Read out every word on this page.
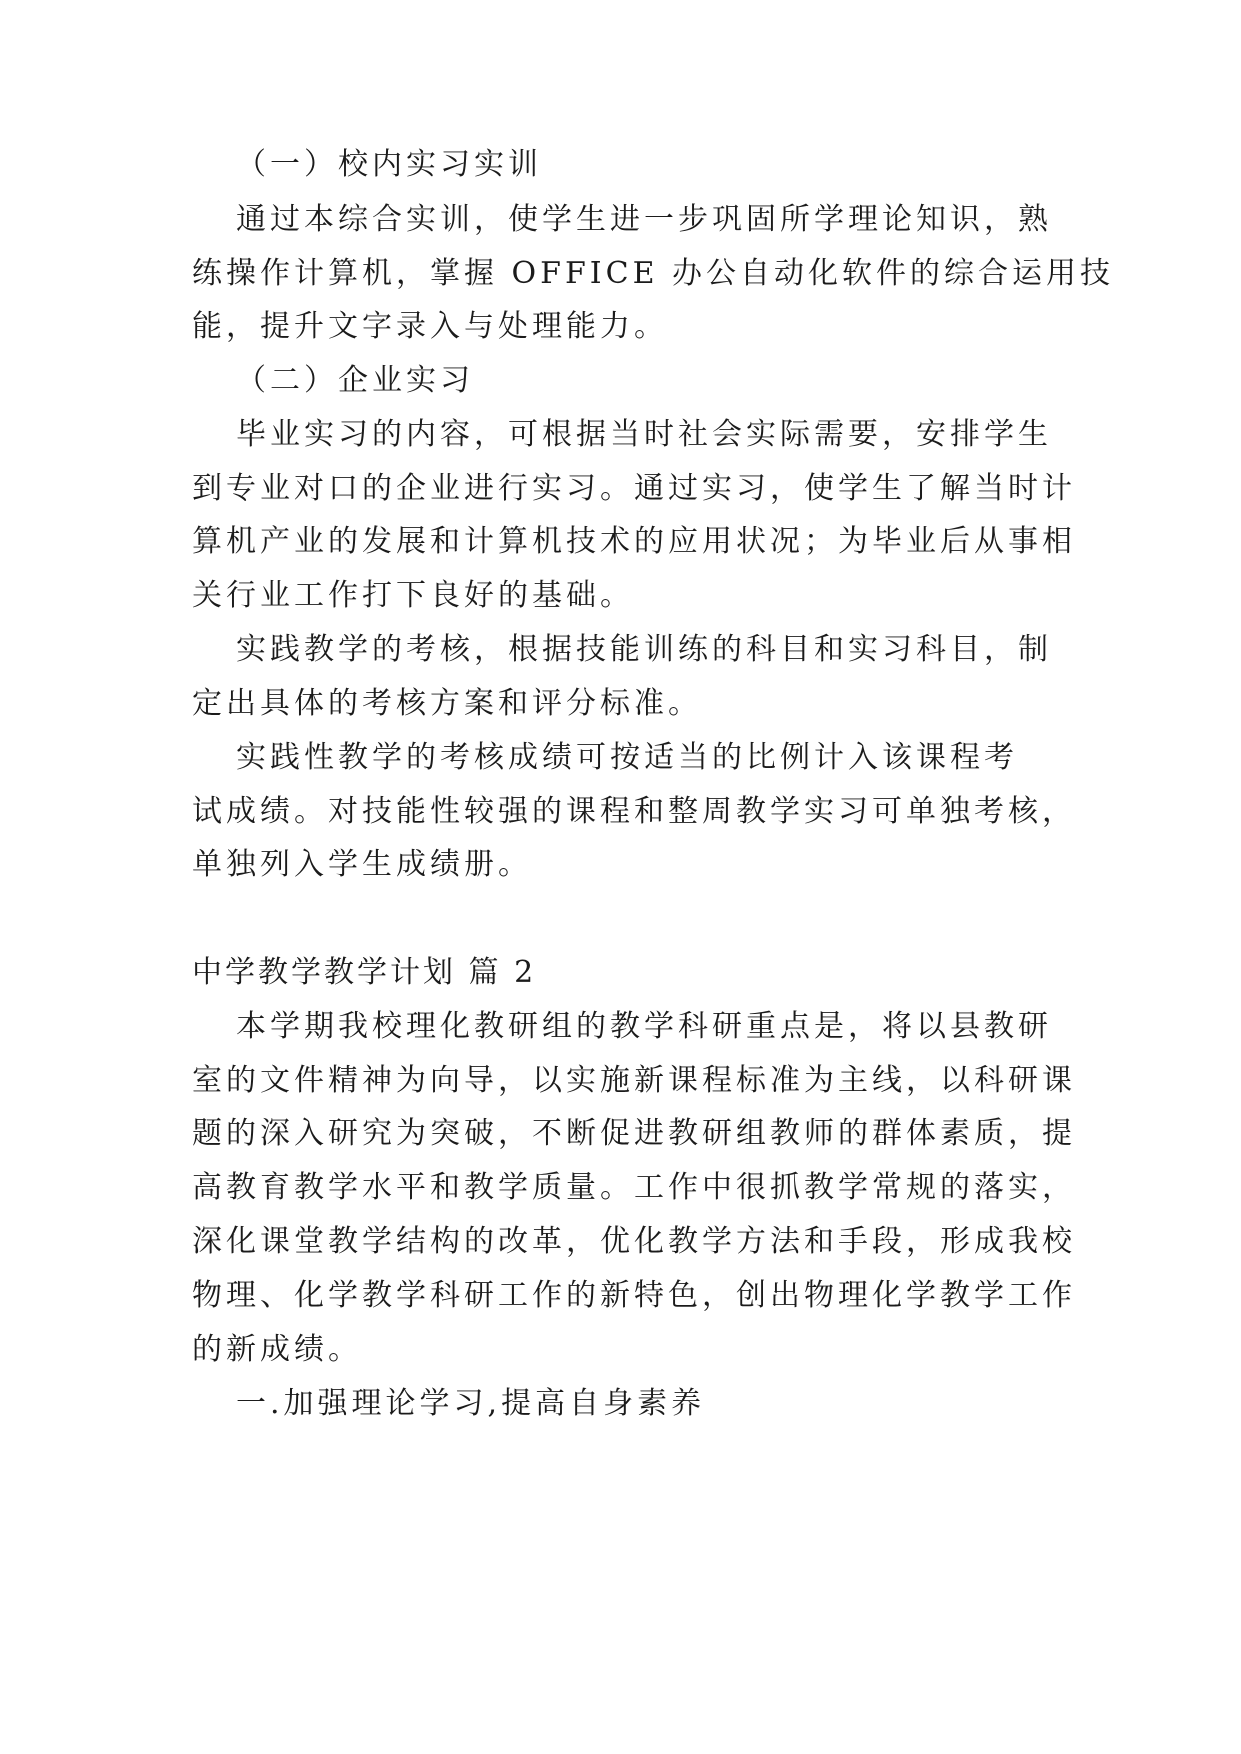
（一）校内实习实训
通过本综合实训，使学生进一步巩固所学理论知识，熟
练操作计算机，掌握 OFFICE 办公自动化软件的综合运用技
能，提升文字录入与处理能力。
（二）企业实习
毕业实习的内容，可根据当时社会实际需要，安排学生
到专业对口的企业进行实习。通过实习，使学生了解当时计
算机产业的发展和计算机技术的应用状况；为毕业后从事相
关行业工作打下良好的基础。
实践教学的考核，根据技能训练的科目和实习科目，制
定出具体的考核方案和评分标准。
实践性教学的考核成绩可按适当的比例计入该课程考
试成绩。对技能性较强的课程和整周教学实习可单独考核，
单独列入学生成绩册。
中学教学教学计划 篇 2
本学期我校理化教研组的教学科研重点是，将以县教研
室的文件精神为向导，以实施新课程标准为主线，以科研课
题的深入研究为突破，不断促进教研组教师的群体素质，提
高教育教学水平和教学质量。工作中很抓教学常规的落实，
深化课堂教学结构的改革，优化教学方法和手段，形成我校
物理、化学教学科研工作的新特色，创出物理化学教学工作
的新成绩。
一.加强理论学习,提高自身素养
